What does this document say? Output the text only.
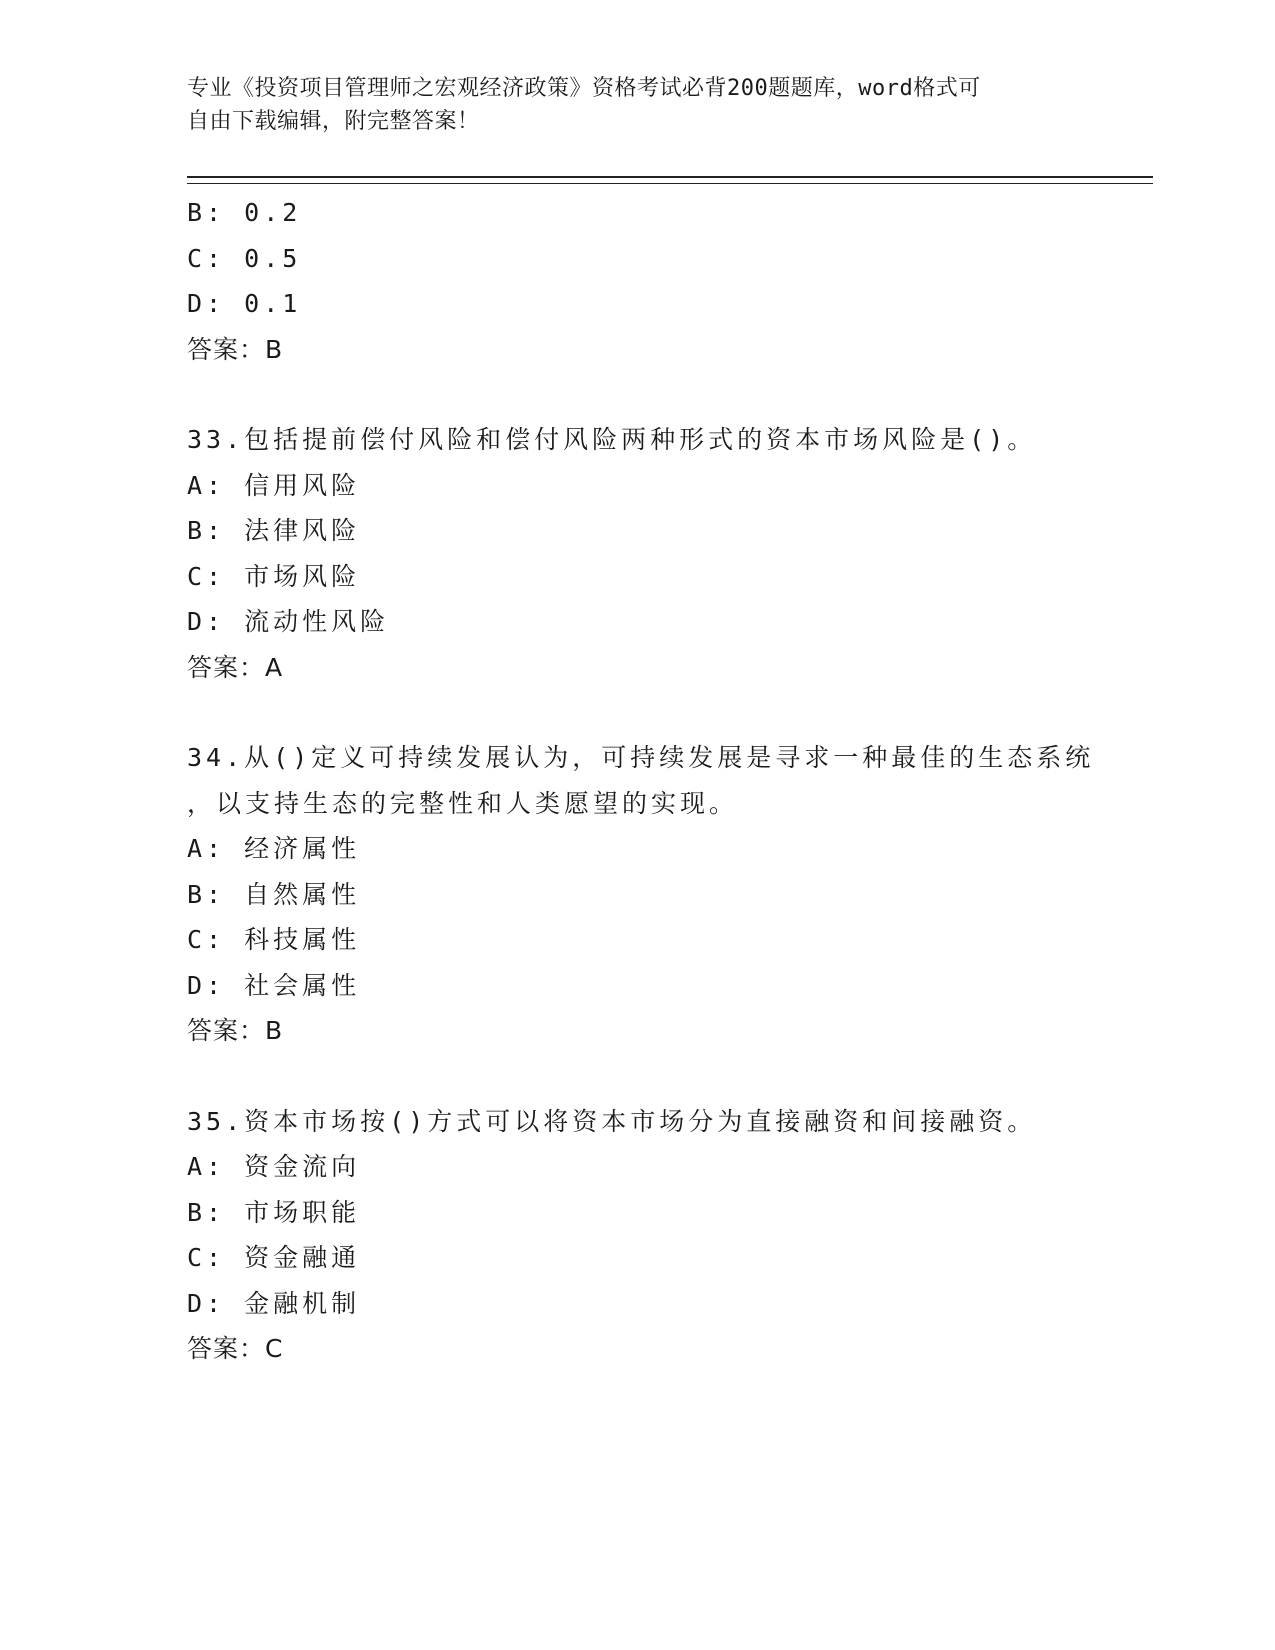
专业《投资项目管理师之宏观经济政策》资格考试必背200题题库，word格式可
自由下载编辑，附完整答案！
B: 0.2
C: 0.5
D: 0.1
答案：B
33.包括提前偿付风险和偿付风险两种形式的资本市场风险是()。
A: 信用风险
B: 法律风险
C: 市场风险
D: 流动性风险
答案：A
34.从()定义可持续发展认为，可持续发展是寻求一种最佳的生态系统
，以支持生态的完整性和人类愿望的实现。
A: 经济属性
B: 自然属性
C: 科技属性
D: 社会属性
答案：B
35.资本市场按()方式可以将资本市场分为直接融资和间接融资。
A: 资金流向
B: 市场职能
C: 资金融通
D: 金融机制
答案：C
